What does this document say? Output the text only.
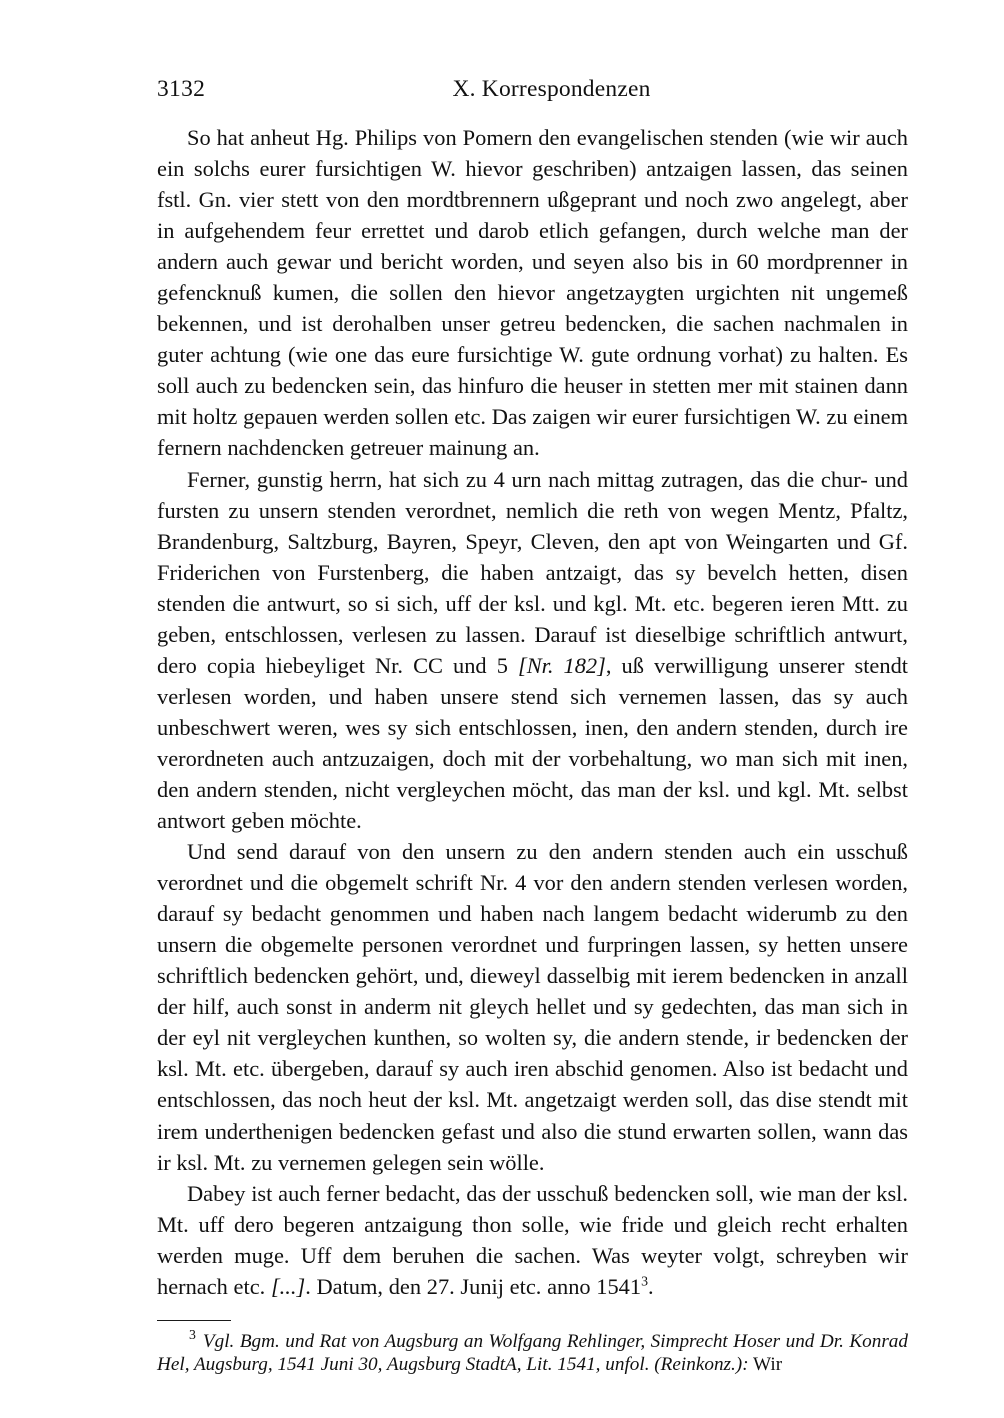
3132	X. Korrespondenzen

So hat anheut Hg. Philips von Pomern den evangelischen stenden (wie wir auch ein solchs eurer fursichtigen W. hievor geschriben) antzaigen lassen, das seinen fstl. Gn. vier stett von den mordtbrennern ußgeprant und noch zwo angelegt, aber in aufgehendem feur errettet und darob etlich gefangen, durch welche man der andern auch gewar und bericht worden, und seyen also bis in 60 mordprenner in gefencknuß kumen, die sollen den hievor angetzaygten urgichten nit ungemeß bekennen, und ist derohalben unser getreu bedencken, die sachen nachmalen in guter achtung (wie one das eure fursichtige W. gute ordnung vorhat) zu halten. Es soll auch zu bedencken sein, das hinfuro die heuser in stetten mer mit stainen dann mit holtz gepauen werden sollen etc. Das zaigen wir eurer fursichtigen W. zu einem fernern nachdencken getreuer mainung an.

Ferner, gunstig herrn, hat sich zu 4 urn nach mittag zutragen, das die chur- und fursten zu unsern stenden verordnet, nemlich die reth von wegen Mentz, Pfaltz, Brandenburg, Saltzburg, Bayren, Speyr, Cleven, den apt von Weingarten und Gf. Friderichen von Furstenberg, die haben antzaigt, das sy bevelch hetten, disen stenden die antwurt, so si sich, uff der ksl. und kgl. Mt. etc. begeren ieren Mtt. zu geben, entschlossen, verlesen zu lassen. Darauf ist dieselbige schriftlich antwurt, dero copia hiebeyliget Nr. CC und 5 [Nr. 182], uß verwilligung unserer stendt verlesen worden, und haben unsere stend sich vernemen lassen, das sy auch unbeschwert weren, wes sy sich entschlossen, inen, den andern stenden, durch ire verordneten auch antzuzaigen, doch mit der vorbehaltung, wo man sich mit inen, den andern stenden, nicht vergleychen möcht, das man der ksl. und kgl. Mt. selbst antwort geben möchte.

Und send darauf von den unsern zu den andern stenden auch ein usschuß verordnet und die obgemelt schrift Nr. 4 vor den andern stenden verlesen worden, darauf sy bedacht genommen und haben nach langem bedacht widerumb zu den unsern die obgemelte personen verordnet und furpringen lassen, sy hetten unsere schriftlich bedencken gehört, und, dieweyl dasselbig mit ierem bedencken in anzall der hilf, auch sonst in anderm nit gleych hellet und sy gedechten, das man sich in der eyl nit vergleychen kunthen, so wolten sy, die andern stende, ir bedencken der ksl. Mt. etc. übergeben, darauf sy auch iren abschid genomen. Also ist bedacht und entschlossen, das noch heut der ksl. Mt. angetzaigt werden soll, das dise stendt mit irem underthenigen bedencken gefast und also die stund erwarten sollen, wann das ir ksl. Mt. zu vernemen gelegen sein wölle.

Dabey ist auch ferner bedacht, das der usschuß bedencken soll, wie man der ksl. Mt. uff dero begeren antzaigung thon solle, wie fride und gleich recht erhalten werden muge. Uff dem beruhen die sachen. Was weyter volgt, schreyben wir hernach etc. [...]. Datum, den 27. Junij etc. anno 1541$^3$.

$^3$ Vgl. Bgm. und Rat von Augsburg an Wolfgang Rehlinger, Simprecht Hoser und Dr. Konrad Hel, Augsburg, 1541 Juni 30, Augsburg StadtA, Lit. 1541, unfol. (Reinkonz.): Wir
